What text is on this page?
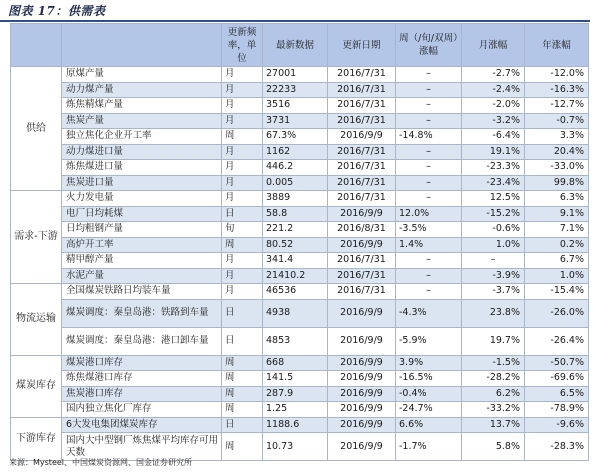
图表 17：供需表
		更新频率，单位	最新数据	更新日期	周（/旬/双周）涨幅	月涨幅	年涨幅
供给	原煤产量	月	27001	2016/7/31	–	-2.7%	-12.0%
	动力煤产量	月	22233	2016/7/31	–	-2.4%	-16.3%
	炼焦精煤产量	月	3516	2016/7/31	–	-2.0%	-12.7%
	焦炭产量	月	3731	2016/7/31	–	-3.2%	-0.7%
	独立焦化企业开工率	周	67.3%	2016/9/9	-14.8%	-6.4%	3.3%
	动力煤进口量	月	1162	2016/7/31	–	19.1%	20.4%
	炼焦煤进口量	月	446.2	2016/7/31	–	-23.3%	-33.0%
	焦炭进口量	月	0.005	2016/7/31	–	-23.4%	99.8%
需求-下游	火力发电量	月	3889	2016/7/31	–	12.5%	6.3%
	电厂日均耗煤	日	58.8	2016/9/9	12.0%	-15.2%	9.1%
	日均粗钢产量	旬	221.2	2016/8/31	-3.5%	-0.6%	7.1%
	高炉开工率	周	80.52	2016/9/9	1.4%	1.0%	0.2%
	精甲醇产量	月	341.4	2016/7/31	–	–	6.7%
	水泥产量	月	21410.2	2016/7/31	–	-3.9%	1.0%
物流运输	全国煤炭铁路日均装车量	月	46536	2016/7/31	–	-3.7%	-15.4%
	煤炭调度：秦皇岛港：铁路到车量	日	4938	2016/9/9	-4.3%	23.8%	-26.0%
	煤炭调度：秦皇岛港：港口卸车量	日	4853	2016/9/9	-5.9%	19.7%	-26.4%
煤炭库存	煤炭港口库存	周	668	2016/9/9	3.9%	-1.5%	-50.7%
	炼焦煤港口库存	周	141.5	2016/9/9	-16.5%	-28.2%	-69.6%
	焦炭港口库存	周	287.9	2016/9/9	-0.4%	6.2%	6.5%
	国内独立焦化厂库存	周	1.25	2016/9/9	-24.7%	-33.2%	-78.9%
下游库存	6大发电集团煤炭库存	日	1188.6	2016/9/9	6.6%	13.7%	-9.6%
	国内大中型钢厂炼焦煤平均库存可用天数	周	10.73	2016/9/9	-1.7%	5.8%	-28.3%
来源：Mysteel、中国煤炭资源网、国金证券研究所
